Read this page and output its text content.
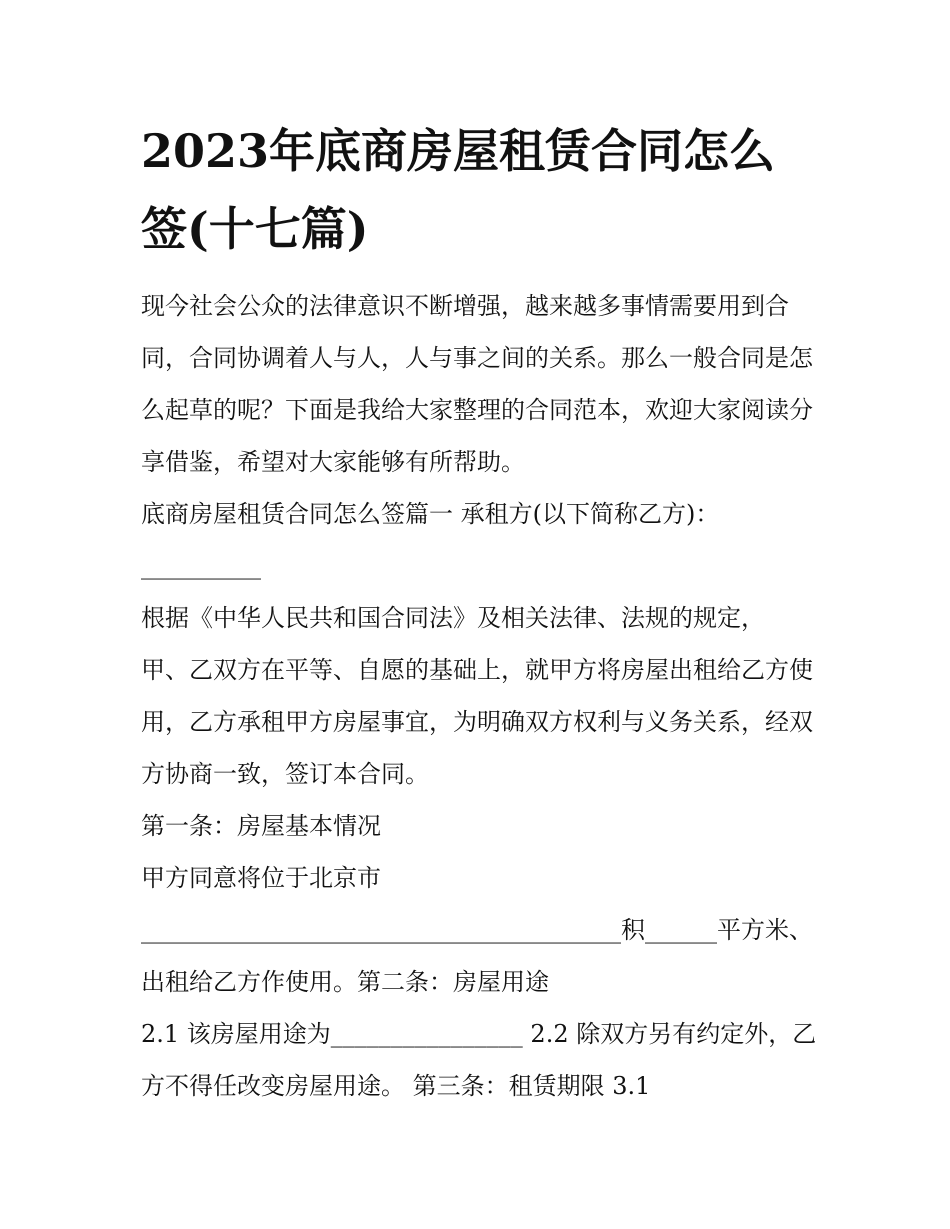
2023年底商房屋租赁合同怎么签(十七篇)

现今社会公众的法律意识不断增强，越来越多事情需要用到合同，合同协调着人与人，人与事之间的关系。那么一般合同是怎么起草的呢？下面是我给大家整理的合同范本，欢迎大家阅读分享借鉴，希望对大家能够有所帮助。

底商房屋租赁合同怎么签篇一 承租方(以下简称乙方)：

__________

根据《中华人民共和国合同法》及相关法律、法规的规定，

甲、乙双方在平等、自愿的基础上，就甲方将房屋出租给乙方使用，乙方承租甲方房屋事宜，为明确双方权利与义务关系，经双方协商一致，签订本合同。

第一条：房屋基本情况

甲方同意将位于北京市

________________________________________积______平方米、

出租给乙方作使用。第二条：房屋用途

2.1 该房屋用途为________________ 2.2 除双方另有约定外，乙方不得任改变房屋用途。 第三条：租赁期限 3.1
